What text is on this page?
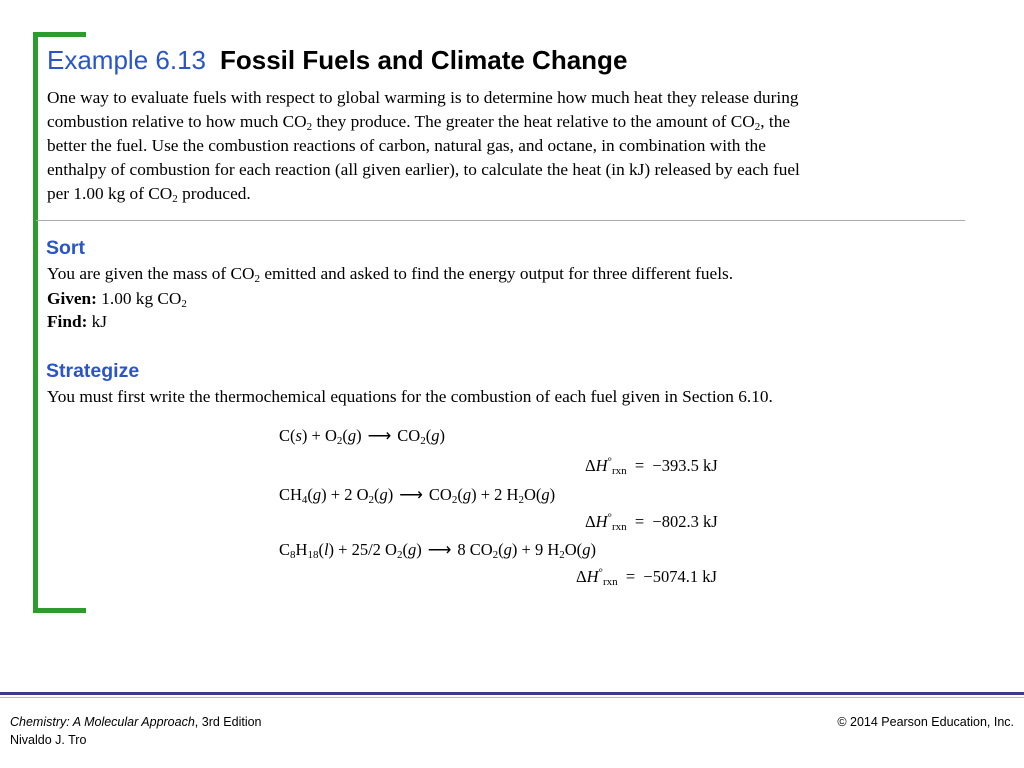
Example 6.13 Fossil Fuels and Climate Change

One way to evaluate fuels with respect to global warming is to determine how much heat they release during

combustion relative to how much $CO_2$ they produce. The greater the heat relative to the amount of $CO_2$, the

better the fuel. Use the combustion reactions of carbon, natural gas, and octane, in combination with the

enthalpy of combustion for each reaction (all given earlier), to calculate the heat (in kJ) released by each fuel

per 1.00 kg of $CO_2$ produced.

Sort
You are given the mass of $CO_2$ emitted and asked to find the energy output for three different fuels.
Given: 1.00 kg $CO_2$
Find: kJ
Strategize
You must first write the thermochemical equations for the combustion of each fuel given in Section 6.10.
$C(s) + O_2(g)$ ⟶ $CO_2(g)$
$\Delta H^\circ_{rxn} = -393.5$ kJ
$CH_4(g) + 2$ $O_2(g)$ ⟶ $CO_2(g) + 2$ $H_2O(g)$
$\Delta H^\circ_{rxn} = -802.3$ kJ
$C_8H_{18}(l) + 25/2$ $O_2(g)$ ⟶ 8 $CO_2(g) + 9$ $H_2O(g)$
$\Delta H^\circ_{rxn} = -5074.1$ kJ
Chemistry: A Molecular Approach, 3rd Edition
Nivaldo J. Tro
© 2014 Pearson Education, Inc.
